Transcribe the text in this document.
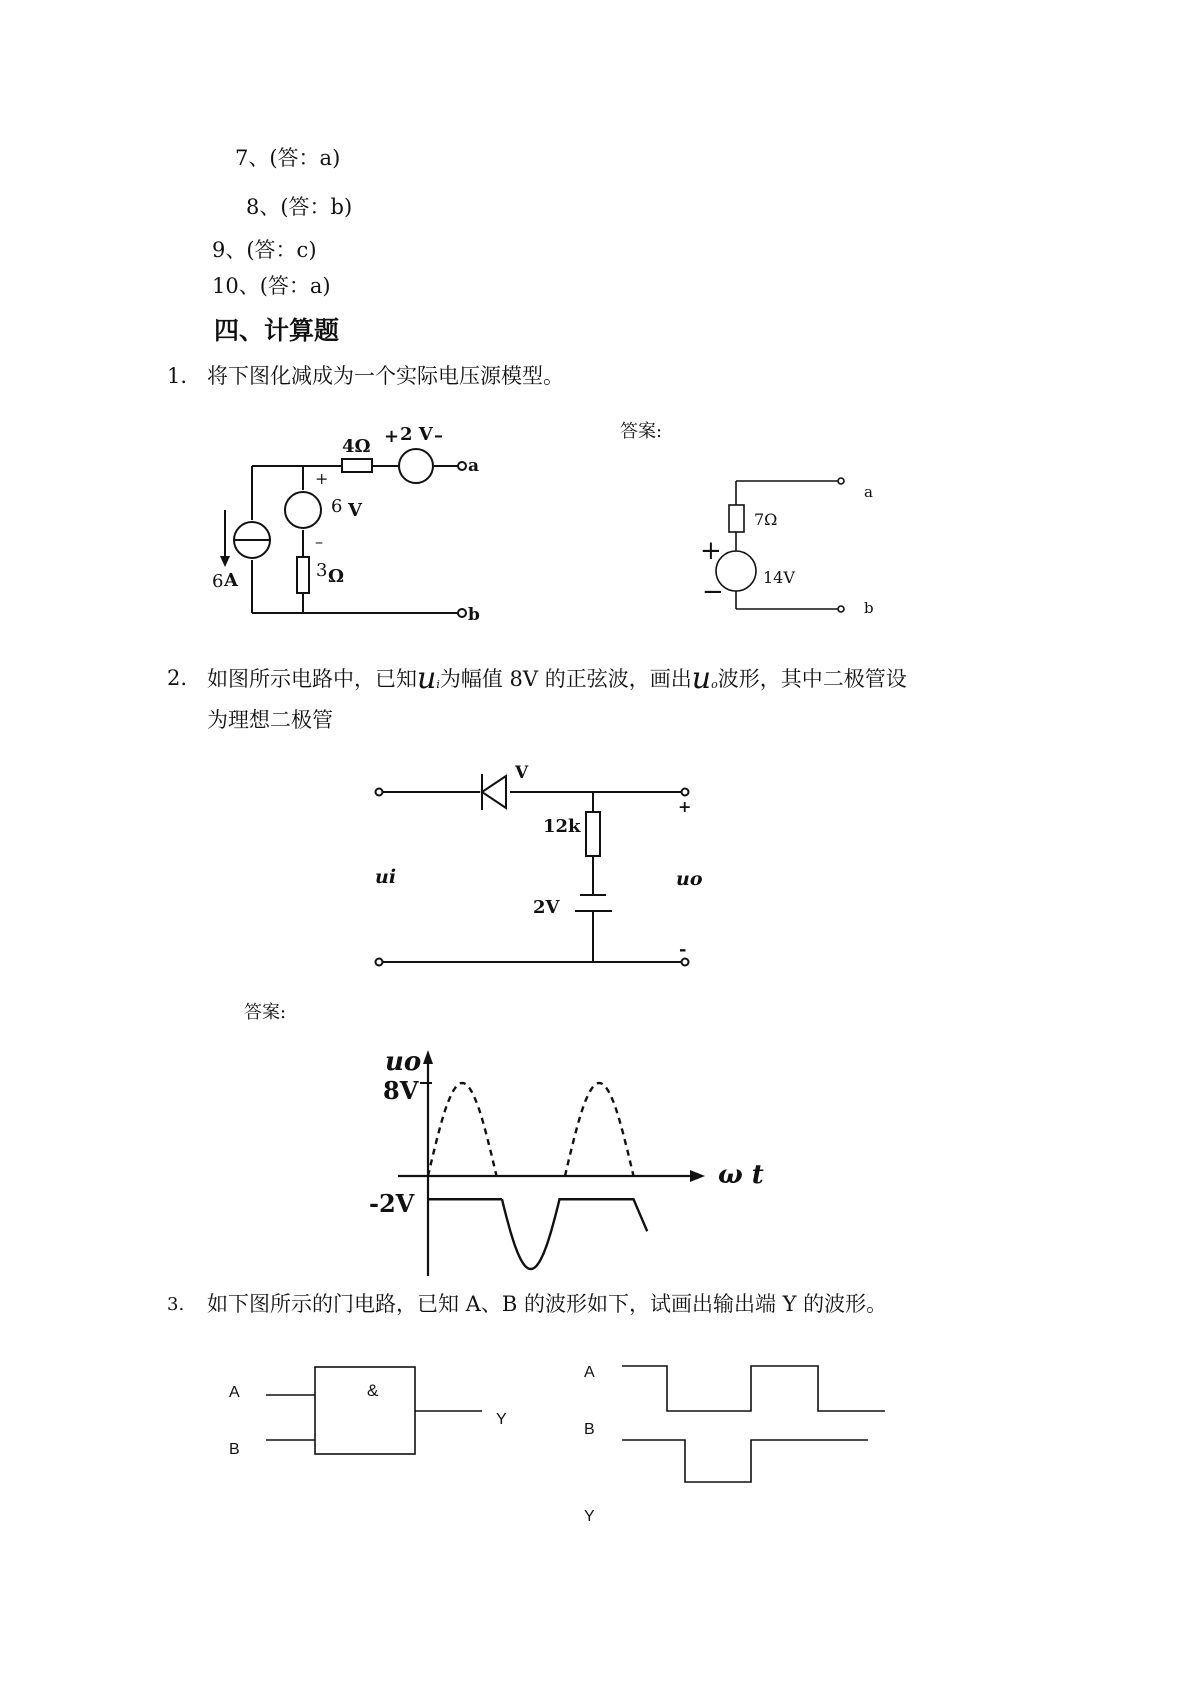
7、(答：a)
8、(答：b)
9、(答：c)
10、(答：a)
四、计算题
1. 将下图化减成为一个实际电压源模型。
答案:
4Ω + 2 V –
+
6 V
–
3 Ω
6 A
a
b
7Ω
14V
+
−
a
b
2. 如图所示电路中，已知ui为幅值 8V 的正弦波，画出uo波形，其中二极管设
为理想二极管
V
12k
2V
ui	uo
+
-
答案:
uo
8V
-2V
ω t
3. 如下图所示的门电路，已知 A、B 的波形如下，试画出输出端 Y 的波形。
&
A
B
Y
A
B
Y
